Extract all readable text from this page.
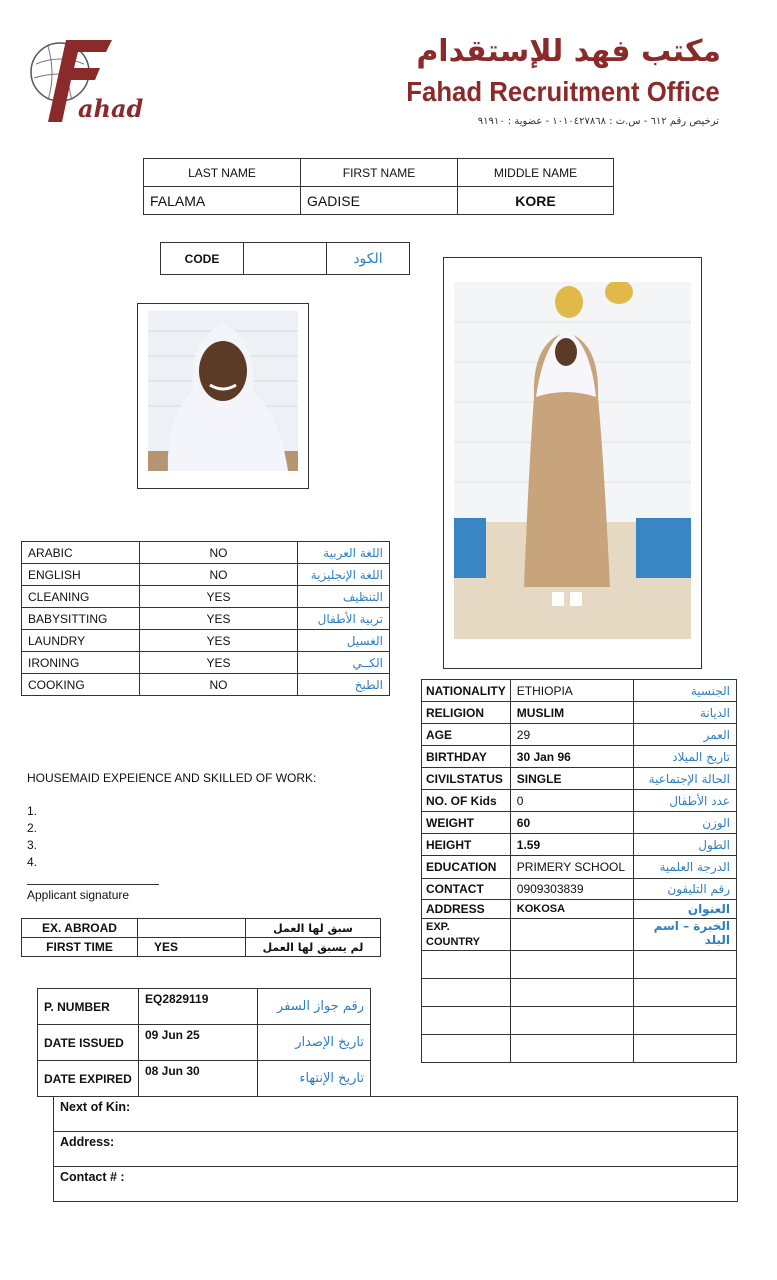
ahad
مكتب فهد للإستقدام
Fahad Recruitment Office
ترخيص رقم ٦١٢ - س.ت : ١٠١٠٤٢٧٨٦٨ - عضوية : ٩١٩١٠
LAST NAME	FIRST NAME	MIDDLE NAME
FALAMA	GADISE	KORE
CODE		الكود
ARABIC	NO	اللغة العربية
ENGLISH	NO	اللغة الإنجليزية
CLEANING	YES	التنظيف
BABYSITTING	YES	تربية الأطفال
LAUNDRY	YES	الغسيل
IRONING	YES	الكــي
COOKING	NO	الطبخ
HOUSEMAID EXPEIENCE AND SKILLED OF WORK:
1.
2.
3.
4.
Applicant signature
EX. ABROAD		سبق لها العمل
FIRST TIME	YES	لم يسبق لها العمل
P. NUMBER	EQ2829119	رقم جواز السفر
DATE ISSUED	09 Jun 25	تاريخ الإصدار
DATE EXPIRED	08 Jun 30	تاريخ الإنتهاء
NATIONALITY	ETHIOPIA	الجنسية
RELIGION	MUSLIM	الديانة
AGE	29	العمر
BIRTHDAY	30 Jan 96	تاريخ الميلاد
CIVILSTATUS	SINGLE	الحالة الإجتماعية
NO. OF Kids	0	عدد الأطفال
WEIGHT	60	الوزن
HEIGHT	1.59	الطول
EDUCATION	PRIMERY SCHOOL	الدرجة العلمية
CONTACT	0909303839	رقم التليفون
ADDRESS	KOKOSA	العنوان
EXP. COUNTRY		الخبرة – اسم البلد

Next of Kin:
Address:
Contact # :
